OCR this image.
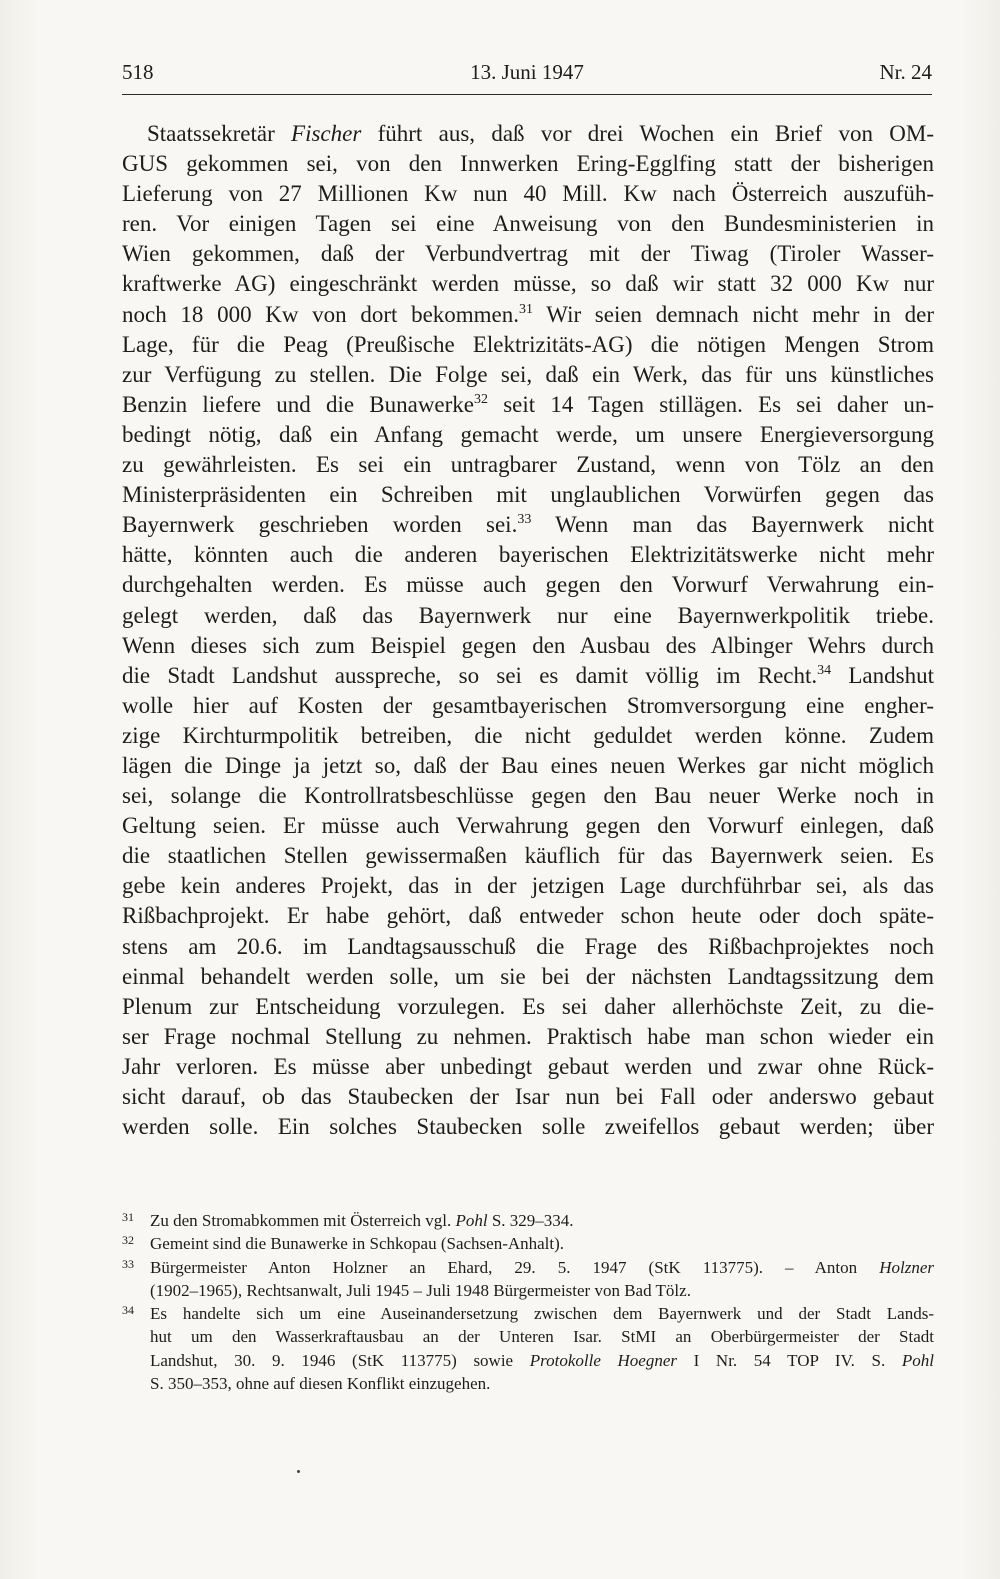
518	13. Juni 1947	Nr. 24
Staatssekretär Fischer führt aus, daß vor drei Wochen ein Brief von OM-
GUS gekommen sei, von den Innwerken Ering-Egglfing statt der bisherigen
Lieferung von 27 Millionen Kw nun 40 Mill. Kw nach Österreich auszufüh-
ren. Vor einigen Tagen sei eine Anweisung von den Bundesministerien in
Wien gekommen, daß der Verbundvertrag mit der Tiwag (Tiroler Wasser-
kraftwerke AG) eingeschränkt werden müsse, so daß wir statt 32 000 Kw nur
noch 18 000 Kw von dort bekommen.$^{31}$ Wir seien demnach nicht mehr in der
Lage, für die Peag (Preußische Elektrizitäts-AG) die nötigen Mengen Strom
zur Verfügung zu stellen. Die Folge sei, daß ein Werk, das für uns künstliches
Benzin liefere und die Bunawerke$^{32}$ seit 14 Tagen stillägen. Es sei daher un-
bedingt nötig, daß ein Anfang gemacht werde, um unsere Energieversorgung
zu gewährleisten. Es sei ein untragbarer Zustand, wenn von Tölz an den
Ministerpräsidenten ein Schreiben mit unglaublichen Vorwürfen gegen das
Bayernwerk geschrieben worden sei.$^{33}$ Wenn man das Bayernwerk nicht
hätte, könnten auch die anderen bayerischen Elektrizitätswerke nicht mehr
durchgehalten werden. Es müsse auch gegen den Vorwurf Verwahrung ein-
gelegt werden, daß das Bayernwerk nur eine Bayernwerkpolitik triebe.
Wenn dieses sich zum Beispiel gegen den Ausbau des Albinger Wehrs durch
die Stadt Landshut ausspreche, so sei es damit völlig im Recht.$^{34}$ Landshut
wolle hier auf Kosten der gesamtbayerischen Stromversorgung eine engher-
zige Kirchturmpolitik betreiben, die nicht geduldet werden könne. Zudem
lägen die Dinge ja jetzt so, daß der Bau eines neuen Werkes gar nicht möglich
sei, solange die Kontrollratsbeschlüsse gegen den Bau neuer Werke noch in
Geltung seien. Er müsse auch Verwahrung gegen den Vorwurf einlegen, daß
die staatlichen Stellen gewissermaßen käuflich für das Bayernwerk seien. Es
gebe kein anderes Projekt, das in der jetzigen Lage durchführbar sei, als das
Rißbachprojekt. Er habe gehört, daß entweder schon heute oder doch späte-
stens am 20.6. im Landtagsausschuß die Frage des Rißbachprojektes noch
einmal behandelt werden solle, um sie bei der nächsten Landtagssitzung dem
Plenum zur Entscheidung vorzulegen. Es sei daher allerhöchste Zeit, zu die-
ser Frage nochmal Stellung zu nehmen. Praktisch habe man schon wieder ein
Jahr verloren. Es müsse aber unbedingt gebaut werden und zwar ohne Rück-
sicht darauf, ob das Staubecken der Isar nun bei Fall oder anderswo gebaut
werden solle. Ein solches Staubecken solle zweifellos gebaut werden; über
31 Zu den Stromabkommen mit Österreich vgl. Pohl S. 329–334.
32 Gemeint sind die Bunawerke in Schkopau (Sachsen-Anhalt).
33 Bürgermeister Anton Holzner an Ehard, 29. 5. 1947 (StK 113775). – Anton Holzner
(1902–1965), Rechtsanwalt, Juli 1945 – Juli 1948 Bürgermeister von Bad Tölz.
34 Es handelte sich um eine Auseinandersetzung zwischen dem Bayernwerk und der Stadt Lands-
hut um den Wasserkraftausbau an der Unteren Isar. StMI an Oberbürgermeister der Stadt
Landshut, 30. 9. 1946 (StK 113775) sowie Protokolle Hoegner I Nr. 54 TOP IV. S. Pohl
S. 350–353, ohne auf diesen Konflikt einzugehen.
